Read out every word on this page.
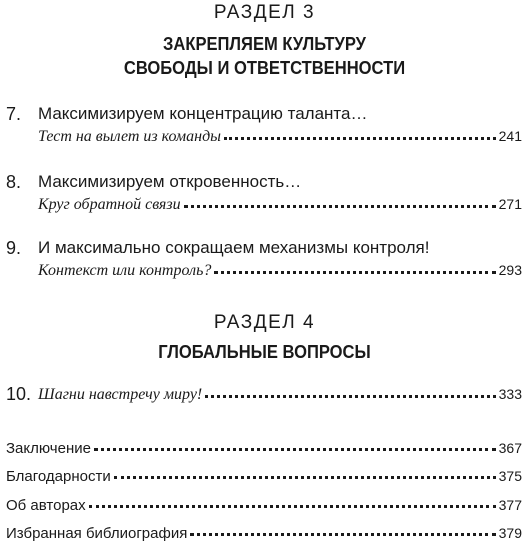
РАЗДЕЛ 3
ЗАКРЕПЛЯЕМ КУЛЬТУРУ
СВОБОДЫ И ОТВЕТСТВЕННОСТИ
7. Максимизируем концентрацию таланта…
Тест на вылет из команды	241
8. Максимизируем откровенность…
Круг обратной связи	271
9. И максимально сокращаем механизмы контроля!
Контекст или контроль?	293
РАЗДЕЛ 4
ГЛОБАЛЬНЫЕ ВОПРОСЫ
10. Шагни навстречу миру!	333
Заключение	367
Благодарности	375
Об авторах	377
Избранная библиография	379
